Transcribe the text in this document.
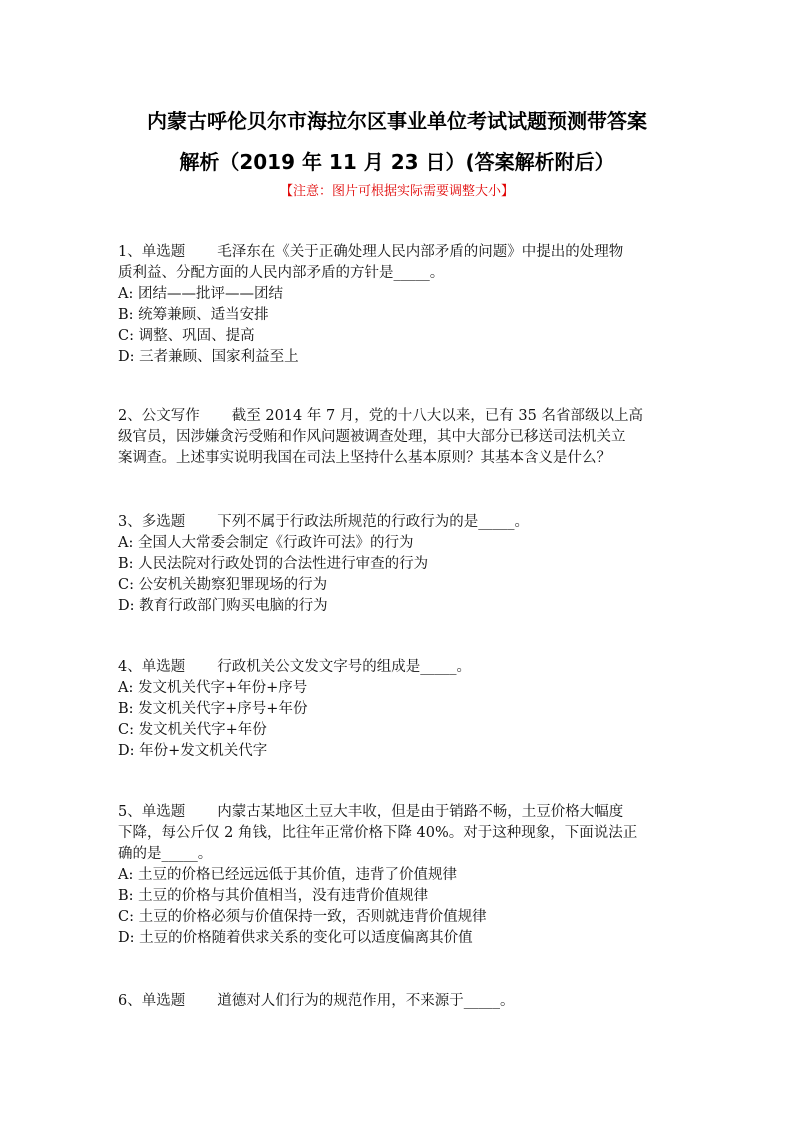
内蒙古呼伦贝尔市海拉尔区事业单位考试试题预测带答案
解析（2019 年 11 月 23 日）(答案解析附后）
【注意：图片可根据实际需要调整大小】

1、单选题 毛泽东在《关于正确处理人民内部矛盾的问题》中提出的处理物

质利益、分配方面的人民内部矛盾的方针是_____。

A: 团结——批评——团结

B: 统筹兼顾、适当安排

C: 调整、巩固、提高

D: 三者兼顾、国家利益至上

2、公文写作 截至 2014 年 7 月，党的十八大以来，已有 35 名省部级以上高

级官员，因涉嫌贪污受贿和作风问题被调查处理，其中大部分已移送司法机关立

案调查。上述事实说明我国在司法上坚持什么基本原则？其基本含义是什么？

3、多选题 下列不属于行政法所规范的行政行为的是_____。

A: 全国人大常委会制定《行政许可法》的行为

B: 人民法院对行政处罚的合法性进行审查的行为

C: 公安机关勘察犯罪现场的行为

D: 教育行政部门购买电脑的行为

4、单选题 行政机关公文发文字号的组成是_____。

A: 发文机关代字+年份+序号

B: 发文机关代字+序号+年份

C: 发文机关代字+年份

D: 年份+发文机关代字

5、单选题 内蒙古某地区土豆大丰收，但是由于销路不畅，土豆价格大幅度

下降，每公斤仅 2 角钱，比往年正常价格下降 40%。对于这种现象，下面说法正

确的是_____。

A: 土豆的价格已经远远低于其价值，违背了价值规律

B: 土豆的价格与其价值相当，没有违背价值规律

C: 土豆的价格必须与价值保持一致，否则就违背价值规律

D: 土豆的价格随着供求关系的变化可以适度偏离其价值

6、单选题 道德对人们行为的规范作用，不来源于_____。
